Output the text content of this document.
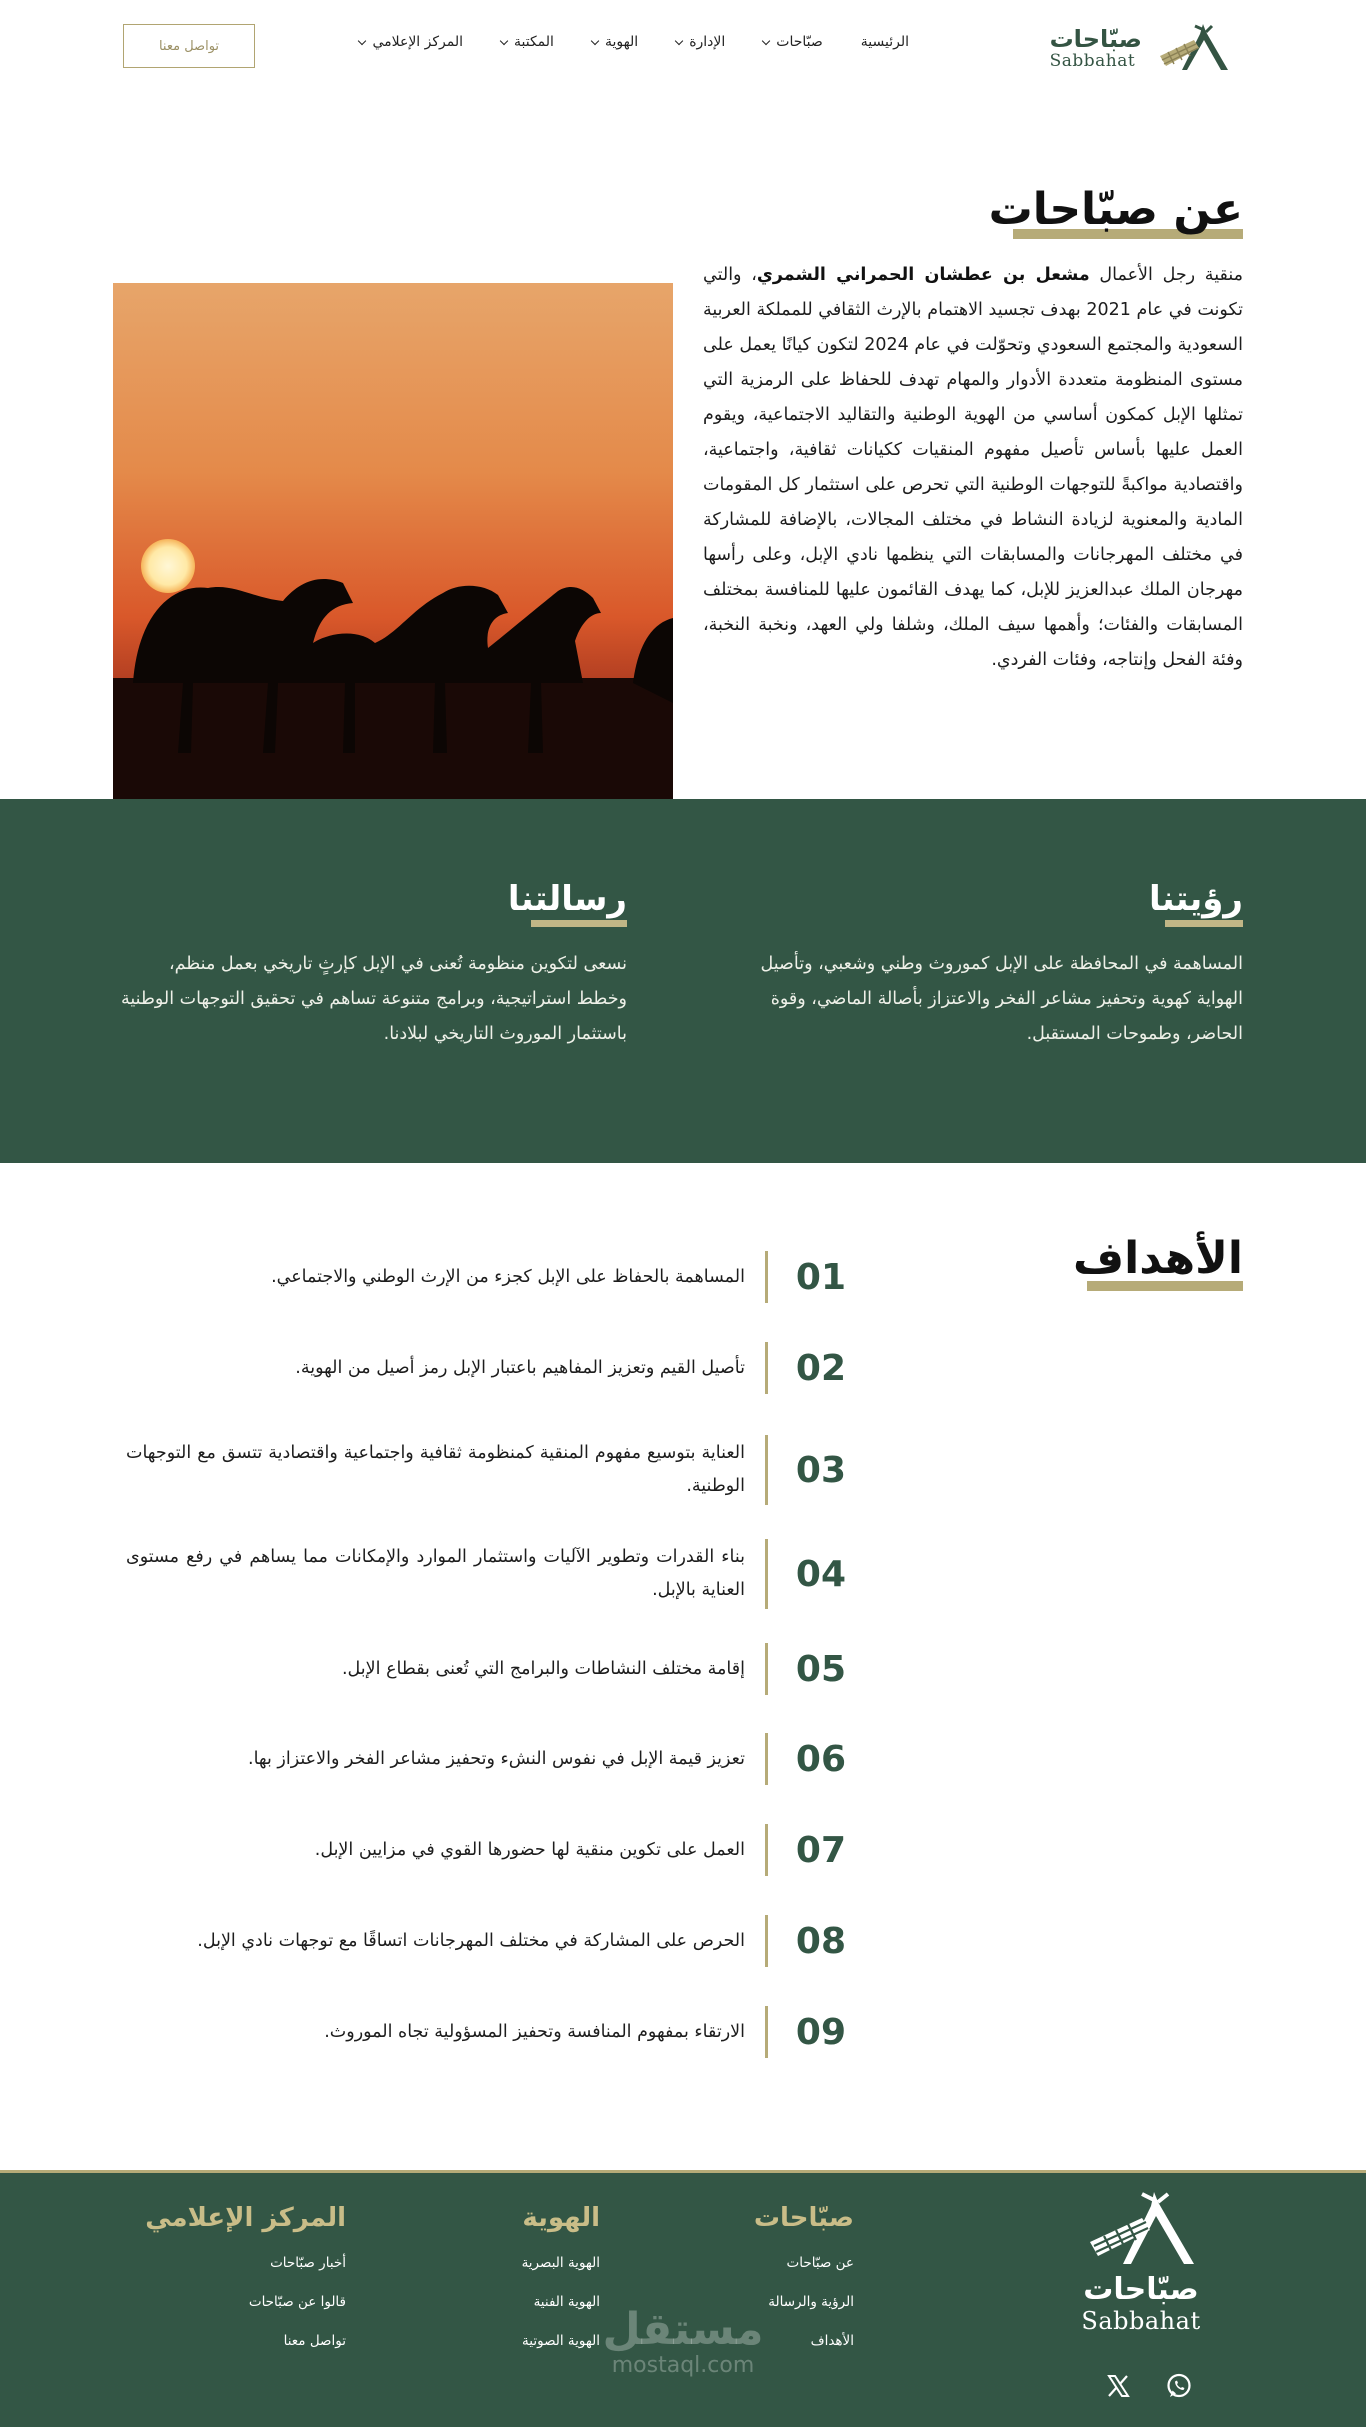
صبّاحات
Sabbahat
الرئيسية
صبّاحات
الإدارة
الهوية
المكتبة
المركز الإعلامي
تواصل معنا
عن صبّاحات

منقية رجل الأعمال مشعل بن عطشان الحمراني الشمري، والتي تكونت في عام 2021 بهدف تجسيد الاهتمام بالإرث الثقافي للمملكة العربية السعودية والمجتمع السعودي وتحوّلت في عام 2024 لتكون كيانًا يعمل على مستوى المنظومة متعددة الأدوار والمهام تهدف للحفاظ على الرمزية التي تمثلها الإبل كمكون أساسي من الهوية الوطنية والتقاليد الاجتماعية، ويقوم العمل عليها بأساس تأصيل مفهوم المنقيات ككيانات ثقافية، واجتماعية، واقتصادية مواكبةً للتوجهات الوطنية التي تحرص على استثمار كل المقومات المادية والمعنوية لزيادة النشاط في مختلف المجالات، بالإضافة للمشاركة في مختلف المهرجانات والمسابقات التي ينظمها نادي الإبل، وعلى رأسها مهرجان الملك عبدالعزيز للإبل، كما يهدف القائمون عليها للمنافسة بمختلف المسابقات والفئات؛ وأهمها سيف الملك، وشلفا ولي العهد، ونخبة النخبة، وفئة الفحل وإنتاجه، وفئات الفردي.

رؤيتنا

المساهمة في المحافظة على الإبل كموروث وطني وشعبي، وتأصيل الهواية كهوية وتحفيز مشاعر الفخر والاعتزاز بأصالة الماضي، وقوة الحاضر، وطموحات المستقبل.

رسالتنا

نسعى لتكوين منظومة تُعنى في الإبل كإرثٍ تاريخي بعمل منظم، وخطط استراتيجية، وبرامج متنوعة تساهم في تحقيق التوجهات الوطنية باستثمار الموروث التاريخي لبلادنا.

الأهداف
01

المساهمة بالحفاظ على الإبل كجزء من الإرث الوطني والاجتماعي.

02

تأصيل القيم وتعزيز المفاهيم باعتبار الإبل رمز أصيل من الهوية.

03

العناية بتوسيع مفهوم المنقية كمنظومة ثقافية واجتماعية واقتصادية تتسق مع التوجهات الوطنية.

04

بناء القدرات وتطوير الآليات واستثمار الموارد والإمكانات مما يساهم في رفع مستوى العناية بالإبل.

05

إقامة مختلف النشاطات والبرامج التي تُعنى بقطاع الإبل.

06

تعزيز قيمة الإبل في نفوس النشء وتحفيز مشاعر الفخر والاعتزاز بها.

07

العمل على تكوين منقية لها حضورها القوي في مزايين الإبل.

08

الحرص على المشاركة في مختلف المهرجانات اتساقًا مع توجهات نادي الإبل.

09

الارتقاء بمفهوم المنافسة وتحفيز المسؤولية تجاه الموروث.

صبّاحات
Sabbahat
صبّاحات
عن صبّاحات
الرؤية والرسالة
الأهداف
الهوية
الهوية البصرية
الهوية الفنية
الهوية الصوتية
المركز الإعلامي
أخبار صبّاحات
قالوا عن صبّاحات
تواصل معنا	مستقل
mostaql.com
